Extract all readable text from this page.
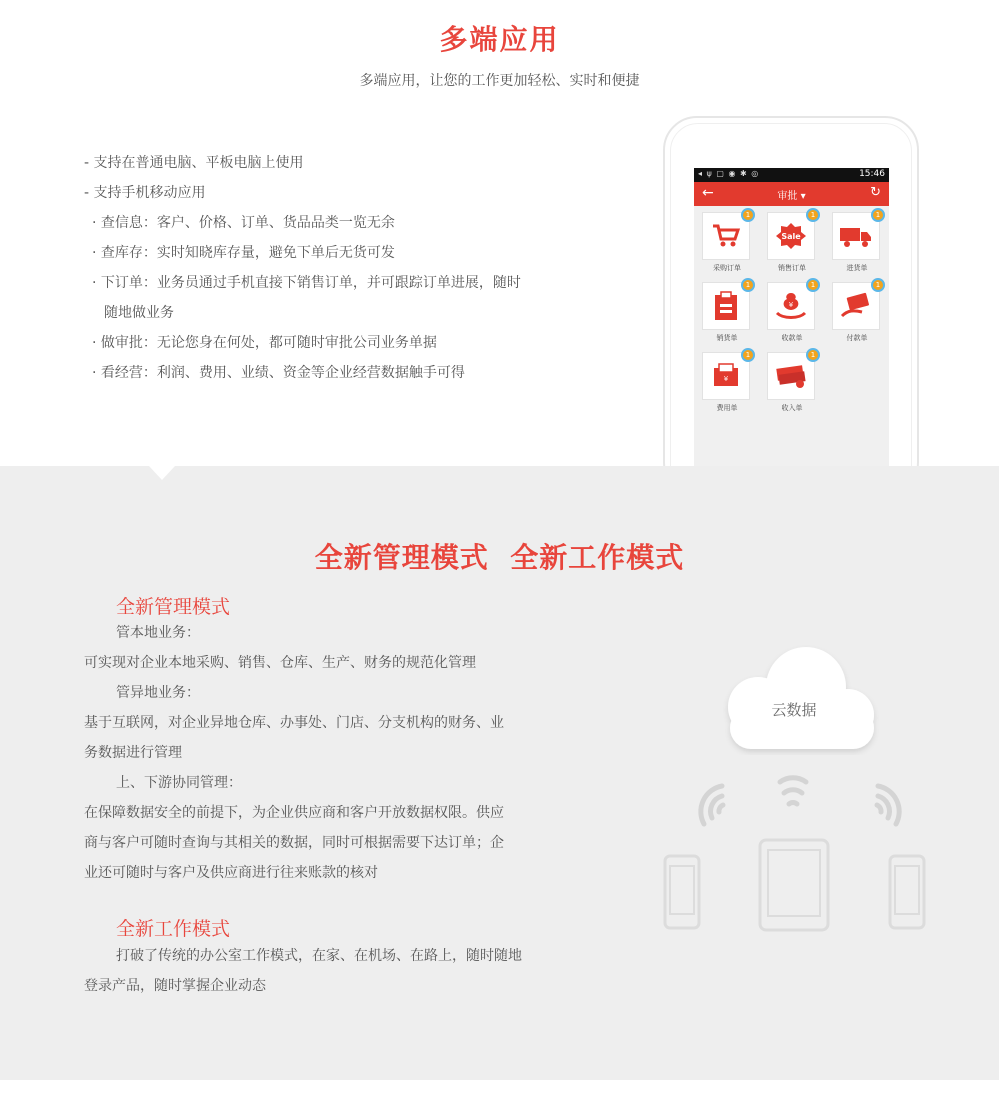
多端应用
多端应用，让您的工作更加轻松、实时和便捷
- 支持在普通电脑、平板电脑上使用
- 支持手机移动应用
· 查信息：客户、价格、订单、货品品类一览无余
· 查库存：实时知晓库存量，避免下单后无货可发
· 下订单：业务员通过手机直接下销售订单，并可跟踪订单进展，随时
随地做业务
· 做审批：无论您身在何处，都可随时审批公司业务单据
· 看经营：利润、费用、业绩、资金等企业经营数据触手可得
◂ ψ ▢ ◉ ✱ ◎	15:46
←	审批 ▾	↻
1
采购订单
Sale
1
销售订单
1
进货单
1
销货单
¥
1
收款单
1
付款单
¥
1
费用单
1
收入单
全新管理模式  全新工作模式
全新管理模式
管本地业务：
可实现对企业本地采购、销售、仓库、生产、财务的规范化管理
管异地业务：
基于互联网，对企业异地仓库、办事处、门店、分支机构的财务、业
务数据进行管理
上、下游协同管理：
在保障数据安全的前提下，为企业供应商和客户开放数据权限。供应
商与客户可随时查询与其相关的数据，同时可根据需要下达订单；企
业还可随时与客户及供应商进行往来账款的核对
全新工作模式
打破了传统的办公室工作模式，在家、在机场、在路上，随时随地
登录产品，随时掌握企业动态
云数据
